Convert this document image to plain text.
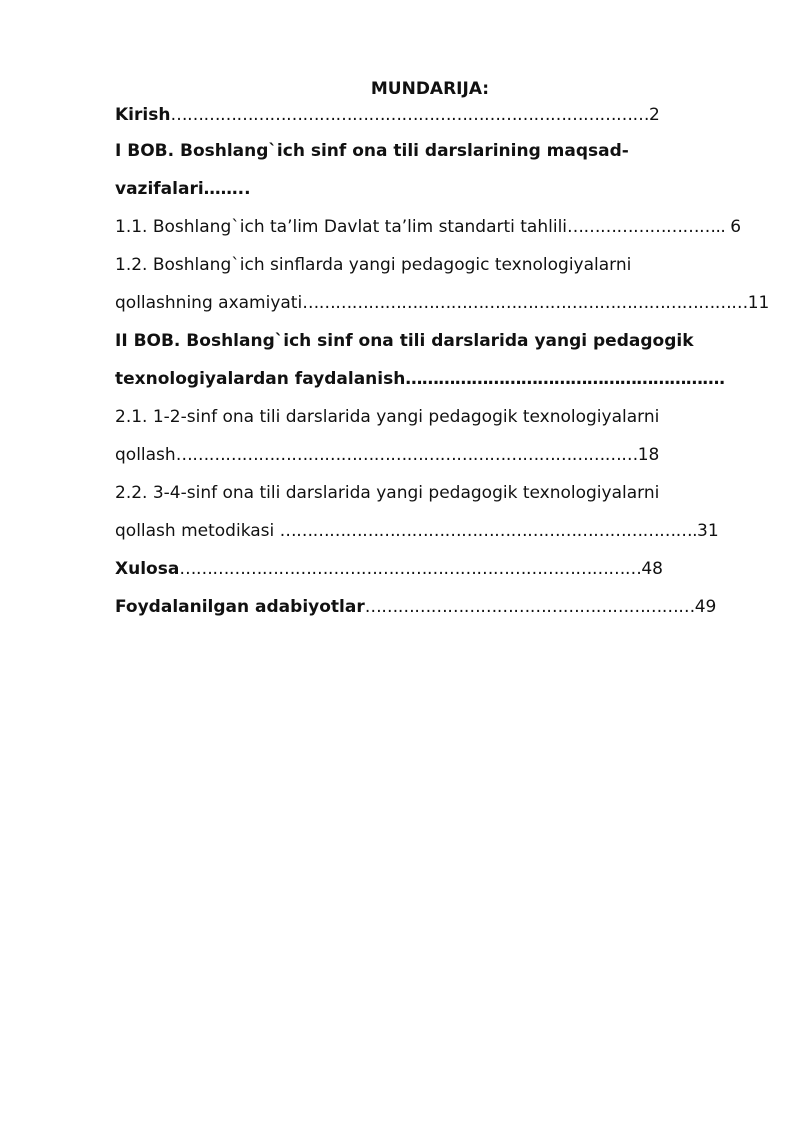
MUNDARIJA:
Kirish……………………………………………………………………………2
I BOB. Boshlang`ich sinf ona tili darslarining maqsad-
vazifalari……..
1.1. Boshlang`ich ta’lim Davlat ta’lim standarti tahlili……………………….. 6
1.2. Boshlang`ich sinflarda yangi pedagogic texnologiyalarni
qollashning axamiyati………………………………………………………………………11
II BOB. Boshlang`ich sinf ona tili darslarida yangi pedagogik
texnologiyalardan faydalanish………………………………………………….
2.1. 1-2-sinf ona tili darslarida yangi pedagogik texnologiyalarni
qollash…………………………………………………………………………18
2.2. 3-4-sinf ona tili darslarida yangi pedagogik texnologiyalarni
qollash metodikasi ………………………………………………………………….31
Xulosa…………………………………………………………………………48
Foydalanilgan adabiyotlar……………………………………………………49
